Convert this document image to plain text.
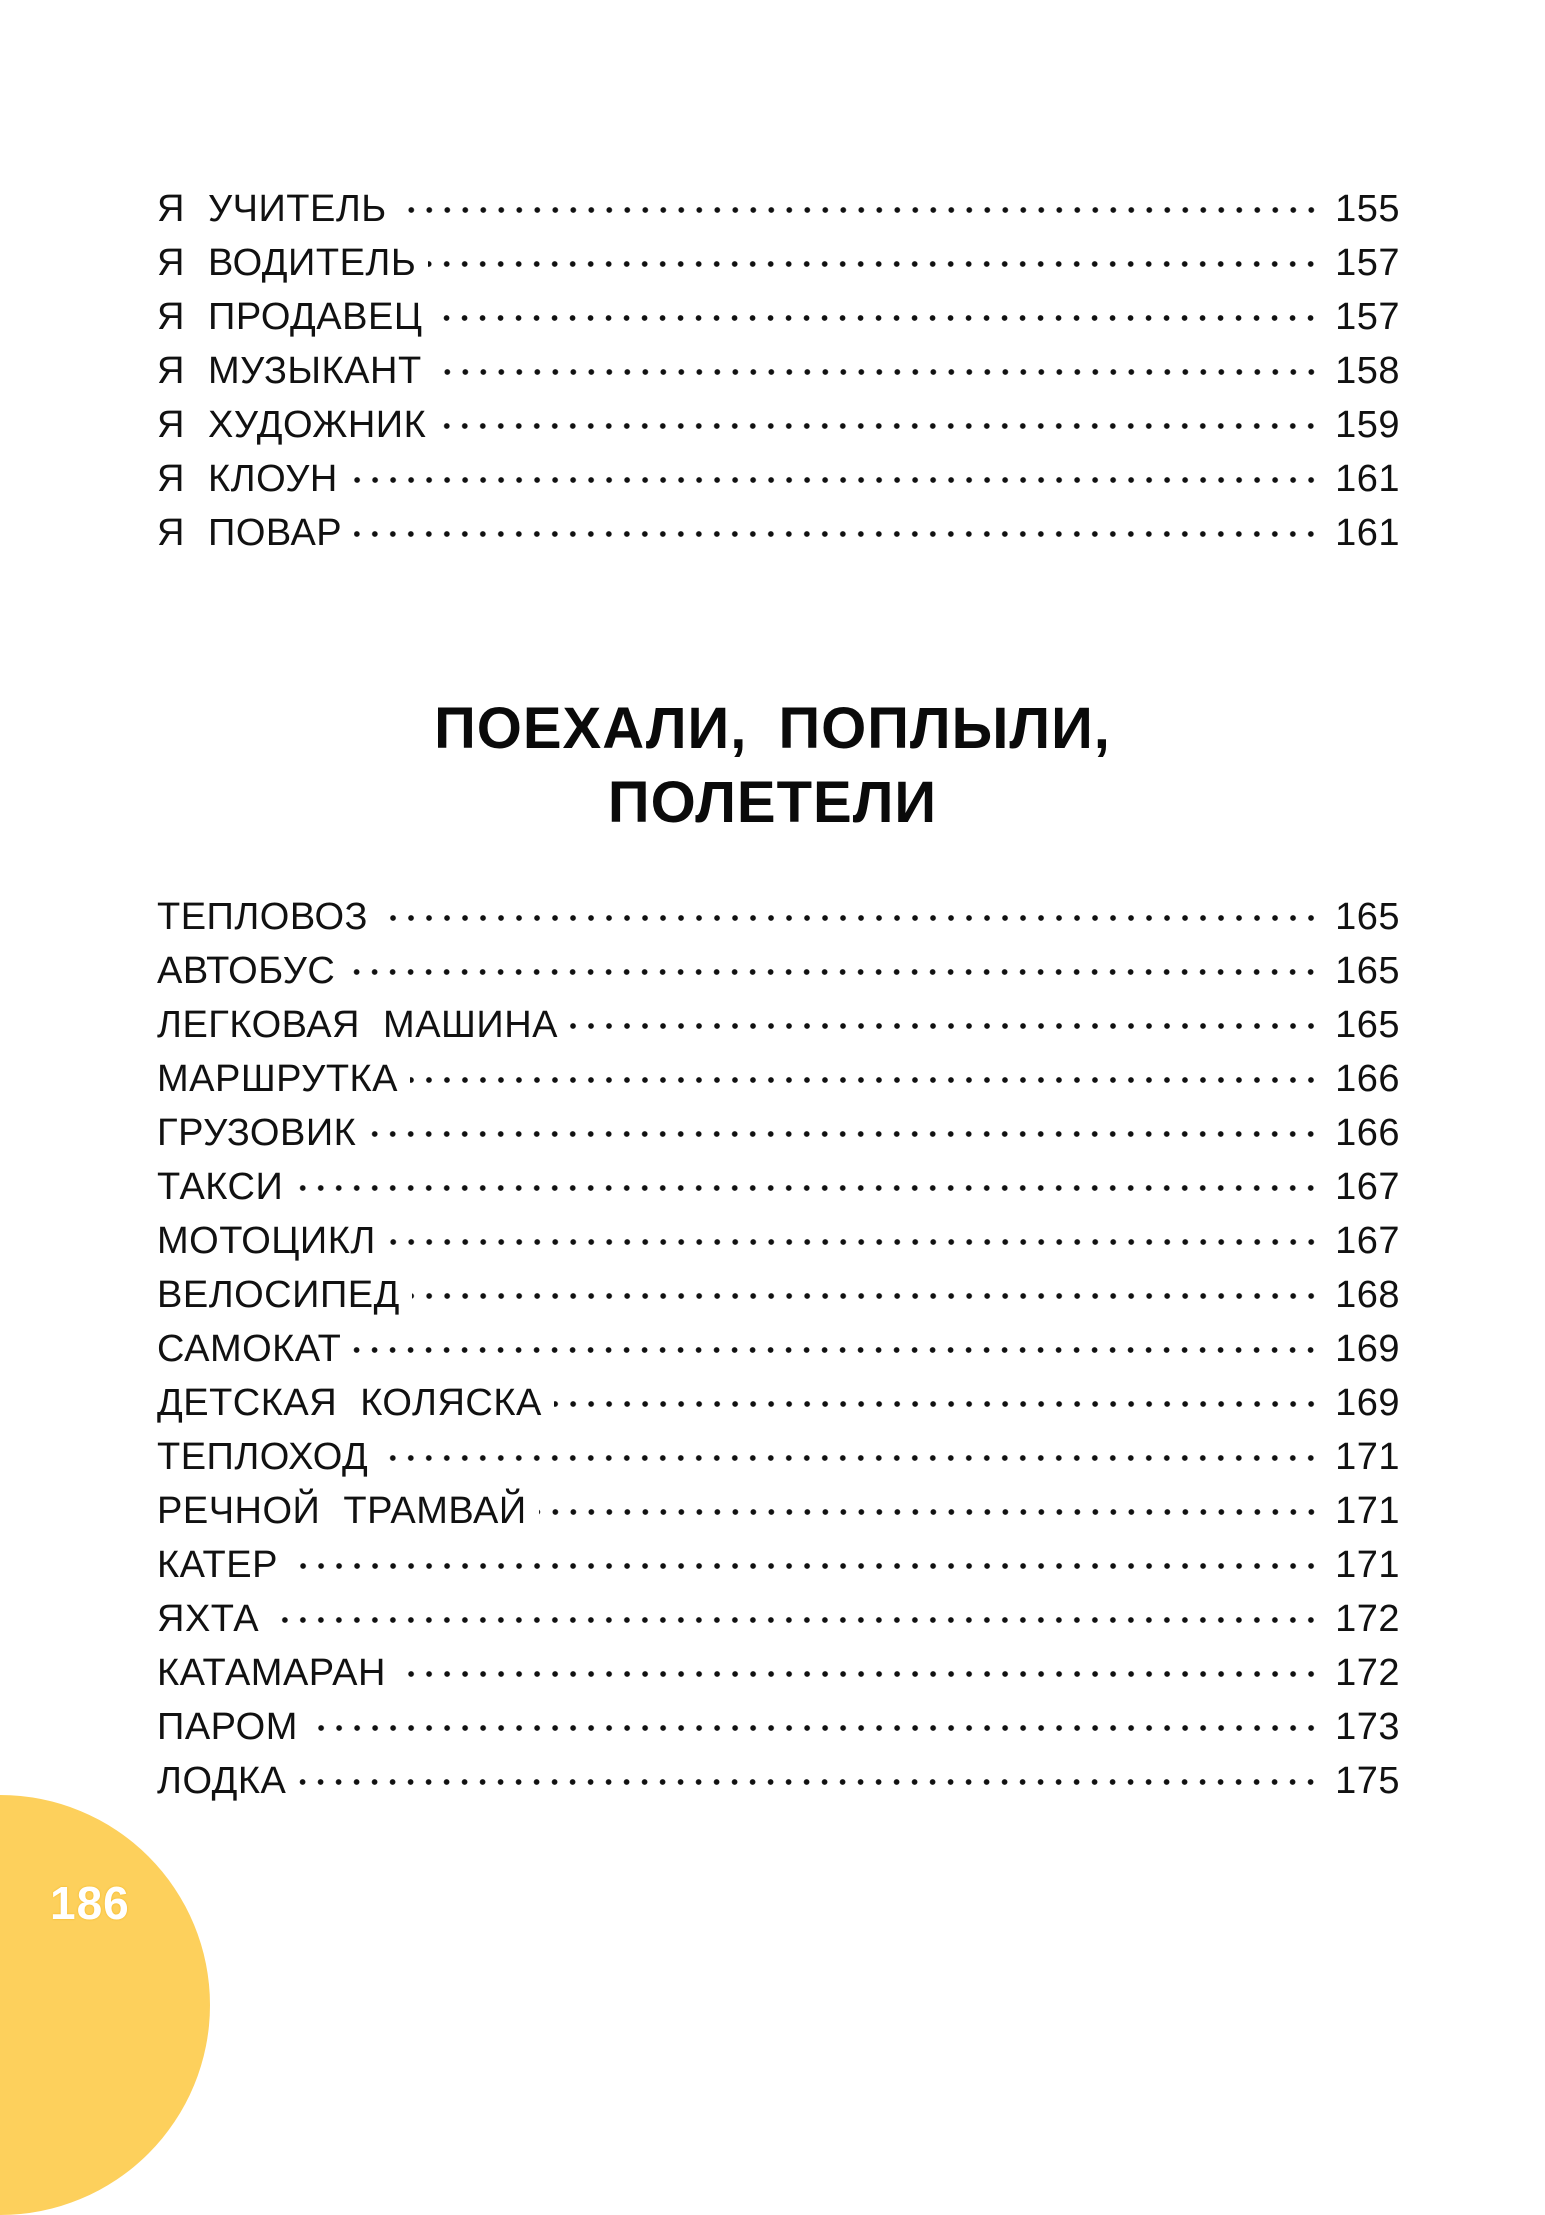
Я УЧИТЕЛЬ	155
Я ВОДИТЕЛЬ	157
Я ПРОДАВЕЦ	157
Я МУЗЫКАНТ	158
Я ХУДОЖНИК	159
Я КЛОУН	161
Я ПОВАР	161
ПОЕХАЛИ, ПОПЛЫЛИ,
ПОЛЕТЕЛИ
ТЕПЛОВОЗ	165
АВТОБУС	165
ЛЕГКОВАЯ МАШИНА	165
МАРШРУТКА	166
ГРУЗОВИК	166
ТАКСИ	167
МОТОЦИКЛ	167
ВЕЛОСИПЕД	168
САМОКАТ	169
ДЕТСКАЯ КОЛЯСКА	169
ТЕПЛОХОД	171
РЕЧНОЙ ТРАМВАЙ	171
КАТЕР	171
ЯХТА	172
КАТАМАРАН	172
ПАРОМ	173
ЛОДКА	175
186
